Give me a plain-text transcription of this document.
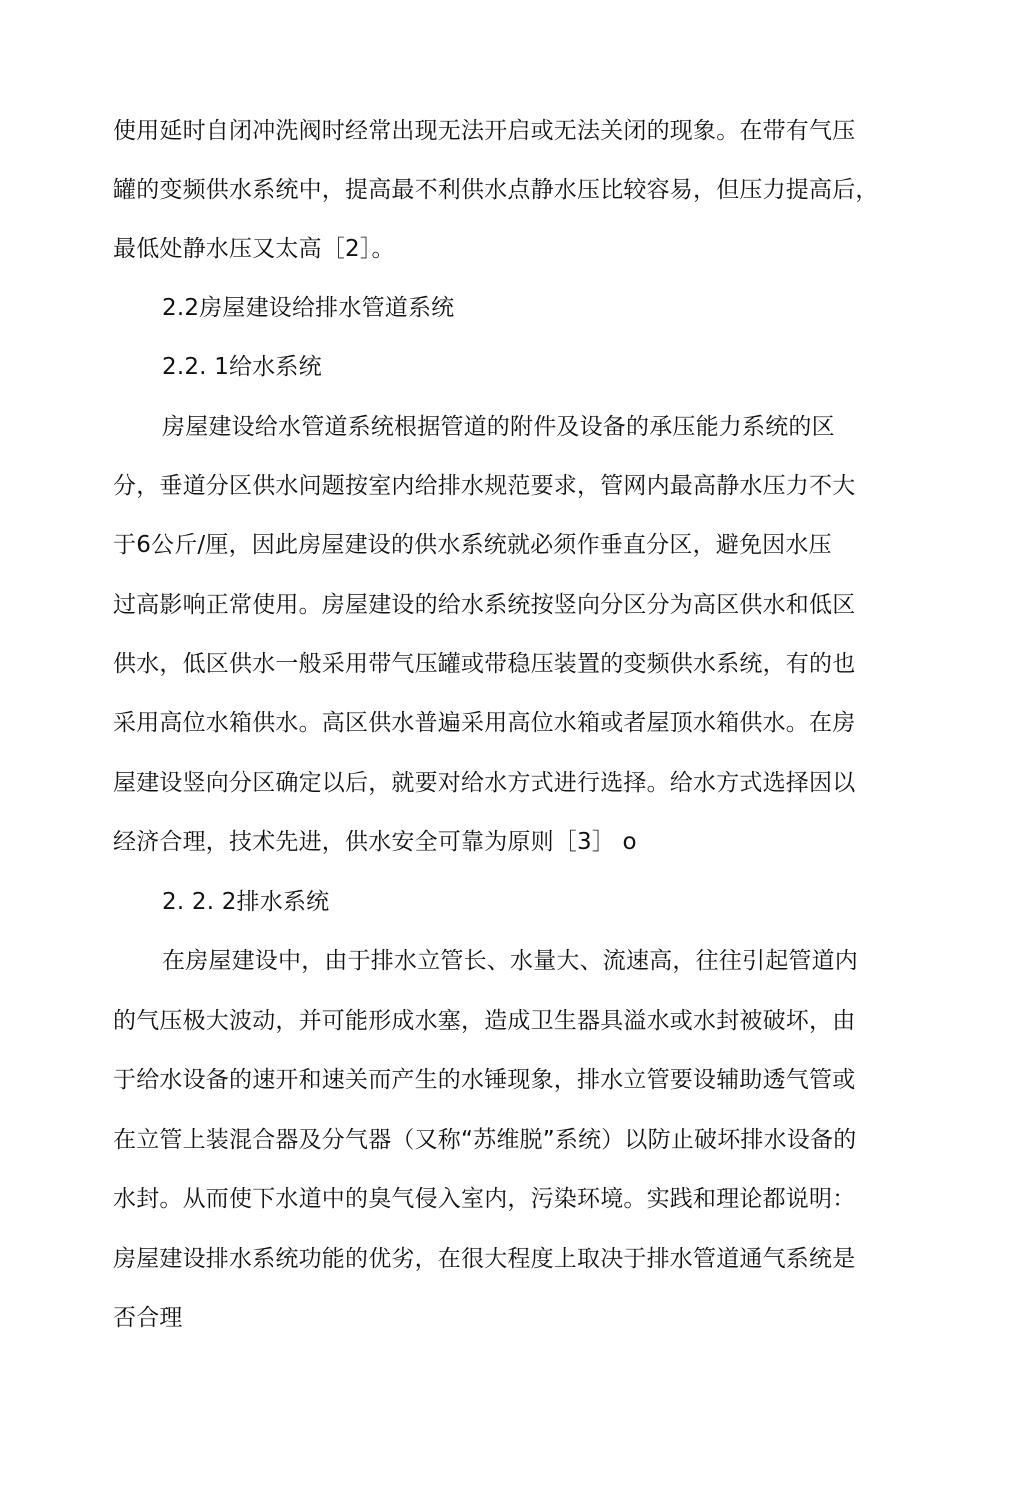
使用延时自闭冲洗阀时经常出现无法开启或无法关闭的现象。在带有气压
罐的变频供水系统中，提高最不利供水点静水压比较容易，但压力提高后，
最低处静水压又太高［2］。
2.2房屋建设给排水管道系统
2.2. 1给水系统
房屋建设给水管道系统根据管道的附件及设备的承压能力系统的区
分，垂道分区供水问题按室内给排水规范要求，管网内最高静水压力不大
于6公斤/厘，因此房屋建设的供水系统就必须作垂直分区，避免因水压
过高影响正常使用。房屋建设的给水系统按竖向分区分为高区供水和低区
供水，低区供水一般采用带气压罐或带稳压装置的变频供水系统，有的也
采用高位水箱供水。高区供水普遍采用高位水箱或者屋顶水箱供水。在房
屋建设竖向分区确定以后，就要对给水方式进行选择。给水方式选择因以
经济合理，技术先进，供水安全可靠为原则［3］ o
2. 2. 2排水系统
在房屋建设中，由于排水立管长、水量大、流速高，往往引起管道内
的气压极大波动，并可能形成水塞，造成卫生器具溢水或水封被破坏，由
于给水设备的速开和速关而产生的水锤现象，排水立管要设辅助透气管或
在立管上装混合器及分气器（又称“苏维脱”系统）以防止破坏排水设备的
水封。从而使下水道中的臭气侵入室内，污染环境。实践和理论都说明：
房屋建设排水系统功能的优劣，在很大程度上取决于排水管道通气系统是
否合理
